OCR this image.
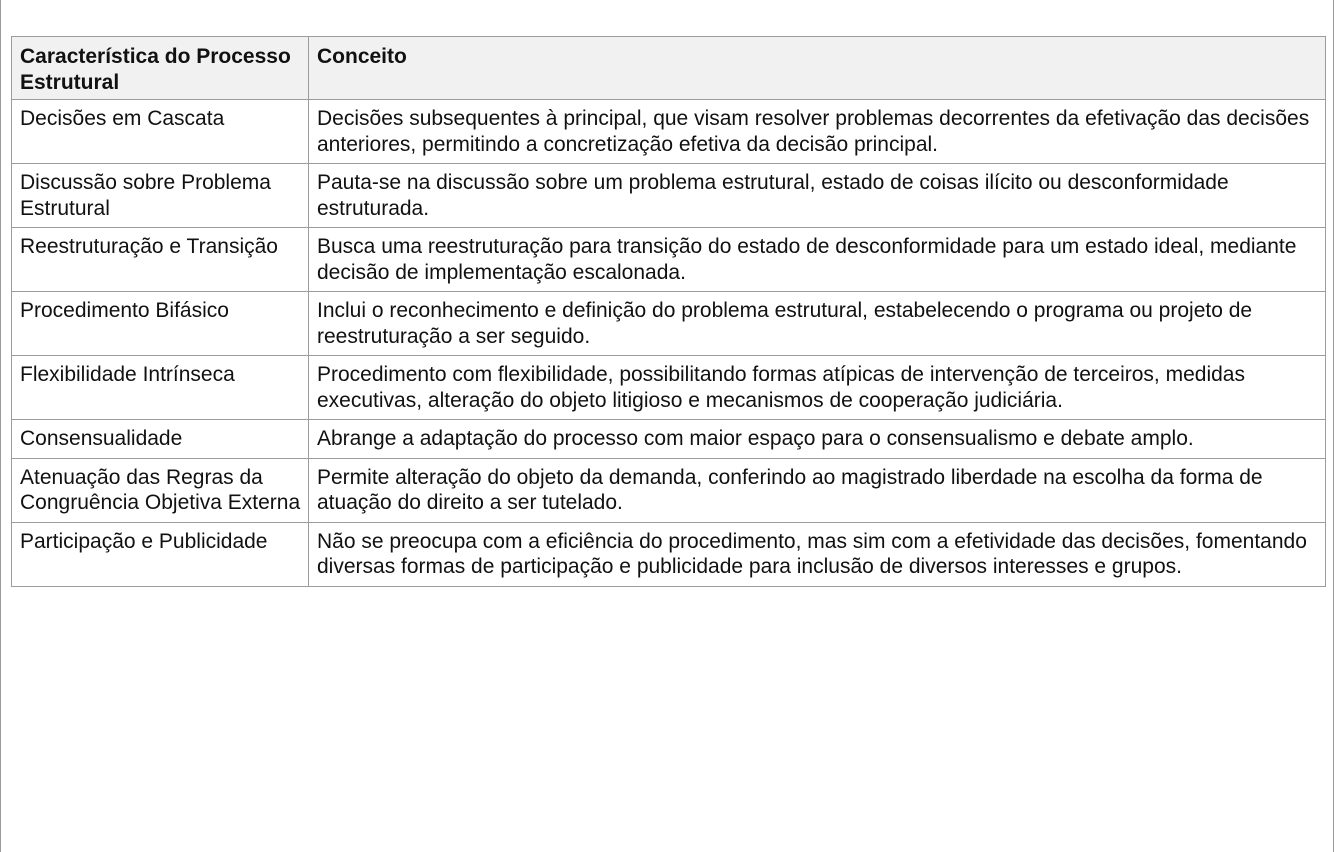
Característica do Processo Estrutural	Conceito
Decisões em Cascata	Decisões subsequentes à principal, que visam resolver problemas decorrentes da efetivação das decisões anteriores, permitindo a concretização efetiva da decisão principal.
Discussão sobre Problema Estrutural	Pauta-se na discussão sobre um problema estrutural, estado de coisas ilícito ou desconformidade estruturada.
Reestruturação e Transição	Busca uma reestruturação para transição do estado de desconformidade para um estado ideal, mediante decisão de implementação escalonada.
Procedimento Bifásico	Inclui o reconhecimento e definição do problema estrutural, estabelecendo o programa ou projeto de reestruturação a ser seguido.
Flexibilidade Intrínseca	Procedimento com flexibilidade, possibilitando formas atípicas de intervenção de terceiros, medidas executivas, alteração do objeto litigioso e mecanismos de cooperação judiciária.
Consensualidade	Abrange a adaptação do processo com maior espaço para o consensualismo e debate amplo.
Atenuação das Regras da Congruência Objetiva Externa	Permite alteração do objeto da demanda, conferindo ao magistrado liberdade na escolha da forma de atuação do direito a ser tutelado.
Participação e Publicidade	Não se preocupa com a eficiência do procedimento, mas sim com a efetividade das decisões, fomentando diversas formas de participação e publicidade para inclusão de diversos interesses e grupos.
